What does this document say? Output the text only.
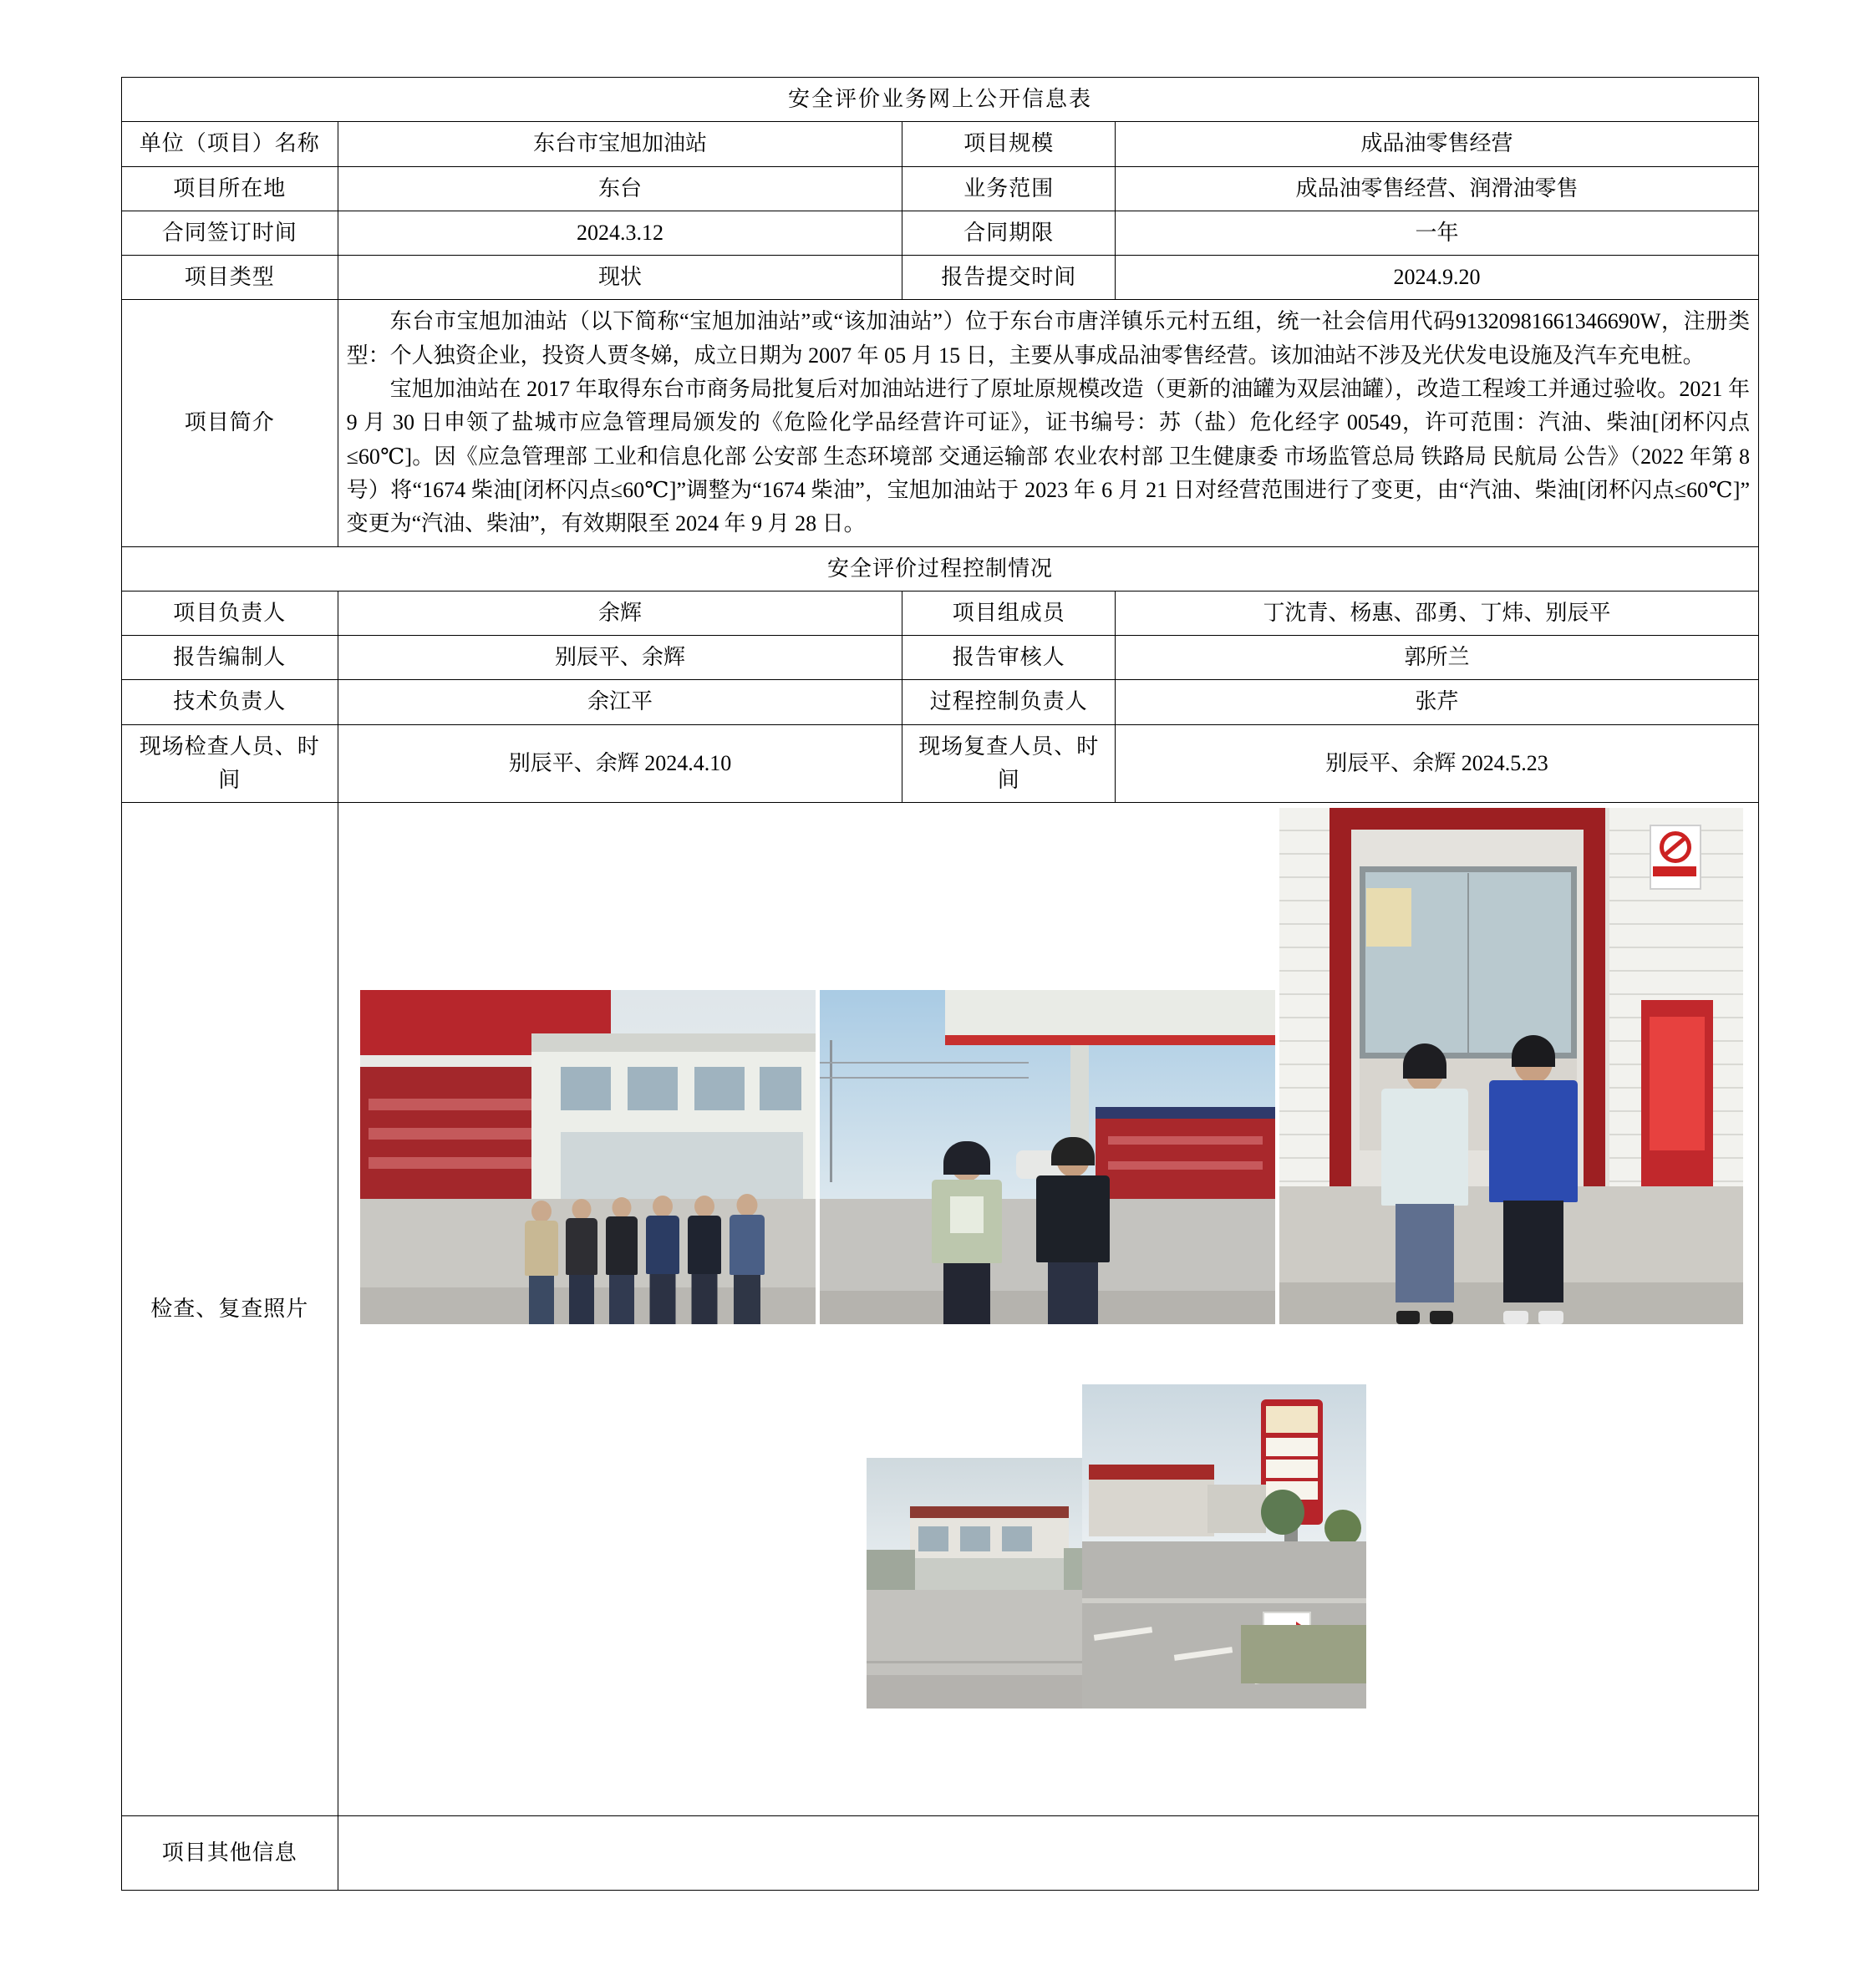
安全评价业务网上公开信息表			
单位（项目）名称	东台市宝旭加油站	项目规模	成品油零售经营
项目所在地	东台	业务范围	成品油零售经营、润滑油零售
合同签订时间	2024.3.12	合同期限	一年
项目类型	现状	报告提交时间	2024.9.20
项目简介	东台市宝旭加油站（以下简称“宝旭加油站”或“该加油站”）位于东台市唐洋镇乐元村五组，统一社会信用代码91320981661346690W，注册类型：个人独资企业，投资人贾冬娣，成立日期为 2007 年 05 月 15 日，主要从事成品油零售经营。该加油站不涉及光伏发电设施及汽车充电桩。

宝旭加油站在 2017 年取得东台市商务局批复后对加油站进行了原址原规模改造（更新的油罐为双层油罐），改造工程竣工并通过验收。2021 年 9 月 30 日申领了盐城市应急管理局颁发的《危险化学品经营许可证》，证书编号：苏（盐）危化经字 00549，许可范围：汽油、柴油[闭杯闪点≤60℃]。因《应急管理部 工业和信息化部 公安部 生态环境部 交通运输部 农业农村部 卫生健康委 市场监管总局 铁路局 民航局 公告》（2022 年第 8 号）将“1674 柴油[闭杯闪点≤60℃]”调整为“1674 柴油”，宝旭加油站于 2023 年 6 月 21 日对经营范围进行了变更，由“汽油、柴油[闭杯闪点≤60℃]”变更为“汽油、柴油”，有效期限至 2024 年 9 月 28 日。		

安全评价过程控制情况			
项目负责人	余辉	项目组成员	丁沈青、杨惠、邵勇、丁炜、别辰平
报告编制人	别辰平、余辉	报告审核人	郭所兰
技术负责人	余江平	过程控制负责人	张芹
现场检查人员、时间	别辰平、余辉 2024.4.10	现场复查人员、时间	别辰平、余辉 2024.5.23
检查、复查照片			

项目其他信息			
